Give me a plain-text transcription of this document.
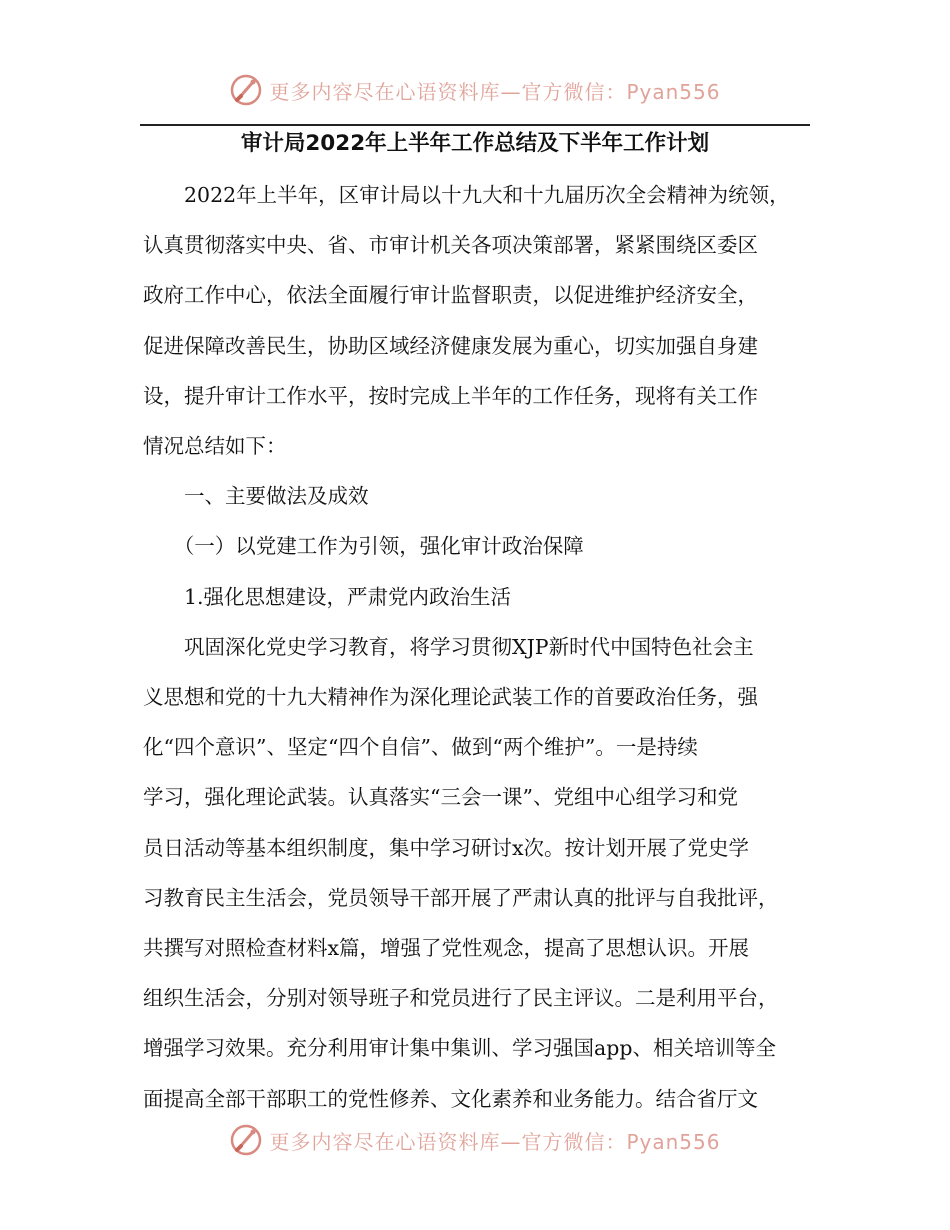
更多内容尽在心语资料库—官方微信：Pyan556
审计局2022年上半年工作总结及下半年工作计划
　　2022年上半年，区审计局以十九大和十九届历次全会精神为统领，
认真贯彻落实中央、省、市审计机关各项决策部署，紧紧围绕区委区
政府工作中心，依法全面履行审计监督职责，以促进维护经济安全，
促进保障改善民生，协助区域经济健康发展为重心，切实加强自身建
设，提升审计工作水平，按时完成上半年的工作任务，现将有关工作
情况总结如下：
　　一、主要做法及成效
　　（一）以党建工作为引领，强化审计政治保障
　　1.强化思想建设，严肃党内政治生活
　　巩固深化党史学习教育，将学习贯彻XJP新时代中国特色社会主
义思想和党的十九大精神作为深化理论武装工作的首要政治任务，强
化“四个意识”、坚定“四个自信”、做到“两个维护”。一是持续
学习，强化理论武装。认真落实“三会一课”、党组中心组学习和党
员日活动等基本组织制度，集中学习研讨x次。按计划开展了党史学
习教育民主生活会，党员领导干部开展了严肃认真的批评与自我批评，
共撰写对照检查材料x篇，增强了党性观念，提高了思想认识。开展
组织生活会，分别对领导班子和党员进行了民主评议。二是利用平台，
增强学习效果。充分利用审计集中集训、学习强国app、相关培训等全
面提高全部干部职工的党性修养、文化素养和业务能力。结合省厅文
更多内容尽在心语资料库—官方微信：Pyan556
